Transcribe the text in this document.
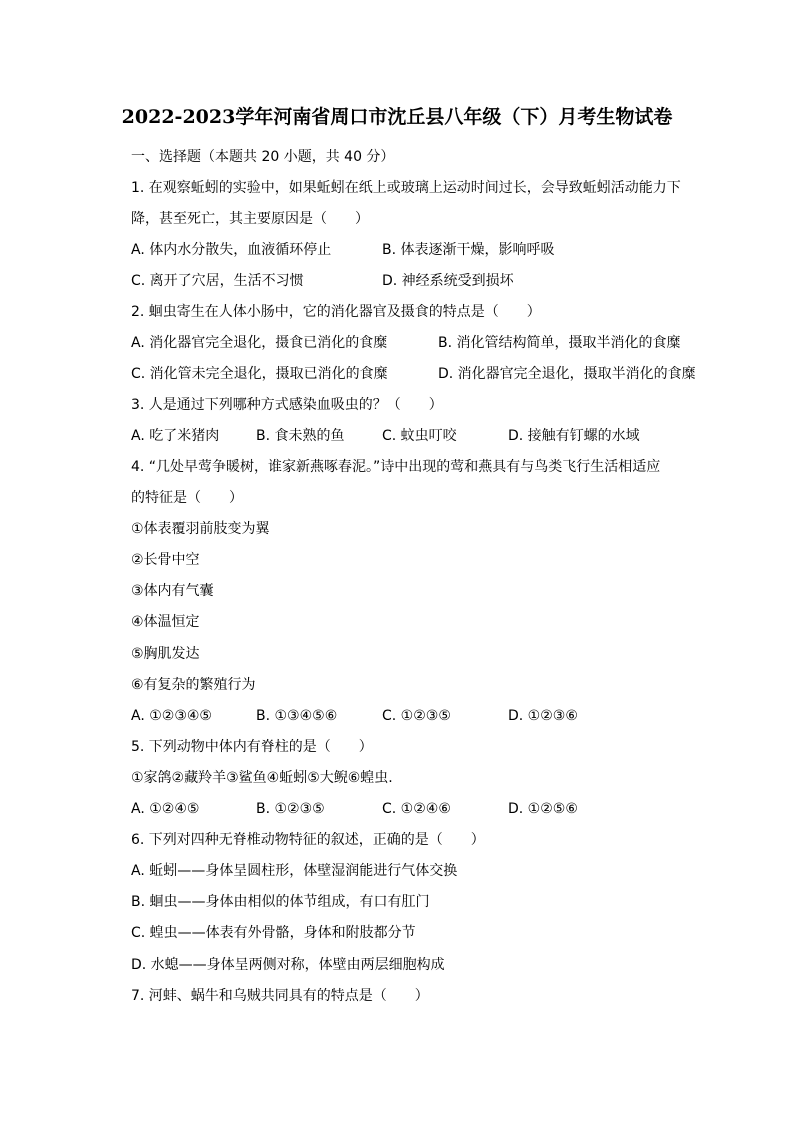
2022-2023学年河南省周口市沈丘县八年级（下）月考生物试卷
一、选择题（本题共 20 小题，共 40 分）
1. 在观察蚯蚓的实验中，如果蚯蚓在纸上或玻璃上运动时间过长，会导致蚯蚓活动能力下
降，甚至死亡，其主要原因是（　　）
A. 体内水分散失，血液循环停止	B. 体表逐渐干燥，影响呼吸
C. 离开了穴居，生活不习惯	D. 神经系统受到损坏
2. 蛔虫寄生在人体小肠中，它的消化器官及摄食的特点是（　　）
A. 消化器官完全退化，摄食已消化的食糜	B. 消化管结构简单，摄取半消化的食糜
C. 消化管未完全退化，摄取已消化的食糜	D. 消化器官完全退化，摄取半消化的食糜
3. 人是通过下列哪种方式感染血吸虫的？（　　）
A. 吃了米猪肉	B. 食未熟的鱼	C. 蚊虫叮咬	D. 接触有钉螺的水域
4. “几处早莺争暖树，谁家新燕啄春泥。”诗中出现的莺和燕具有与鸟类飞行生活相适应
的特征是（　　）
①体表覆羽前肢变为翼
②长骨中空
③体内有气囊
④体温恒定
⑤胸肌发达
⑥有复杂的繁殖行为
A. ①②③④⑤	B. ①③④⑤⑥	C. ①②③⑤	D. ①②③⑥
5. 下列动物中体内有脊柱的是（　　）
①家鸽②藏羚羊③鲨鱼④蚯蚓⑤大鲵⑥蝗虫.
A. ①②④⑤	B. ①②③⑤	C. ①②④⑥	D. ①②⑤⑥
6. 下列对四种无脊椎动物特征的叙述，正确的是（　　）
A. 蚯蚓——身体呈圆柱形，体壁湿润能进行气体交换
B. 蛔虫——身体由相似的体节组成，有口有肛门
C. 蝗虫——体表有外骨骼，身体和附肢都分节
D. 水螅——身体呈两侧对称，体壁由两层细胞构成
7. 河蚌、蜗牛和乌贼共同具有的特点是（　　）
